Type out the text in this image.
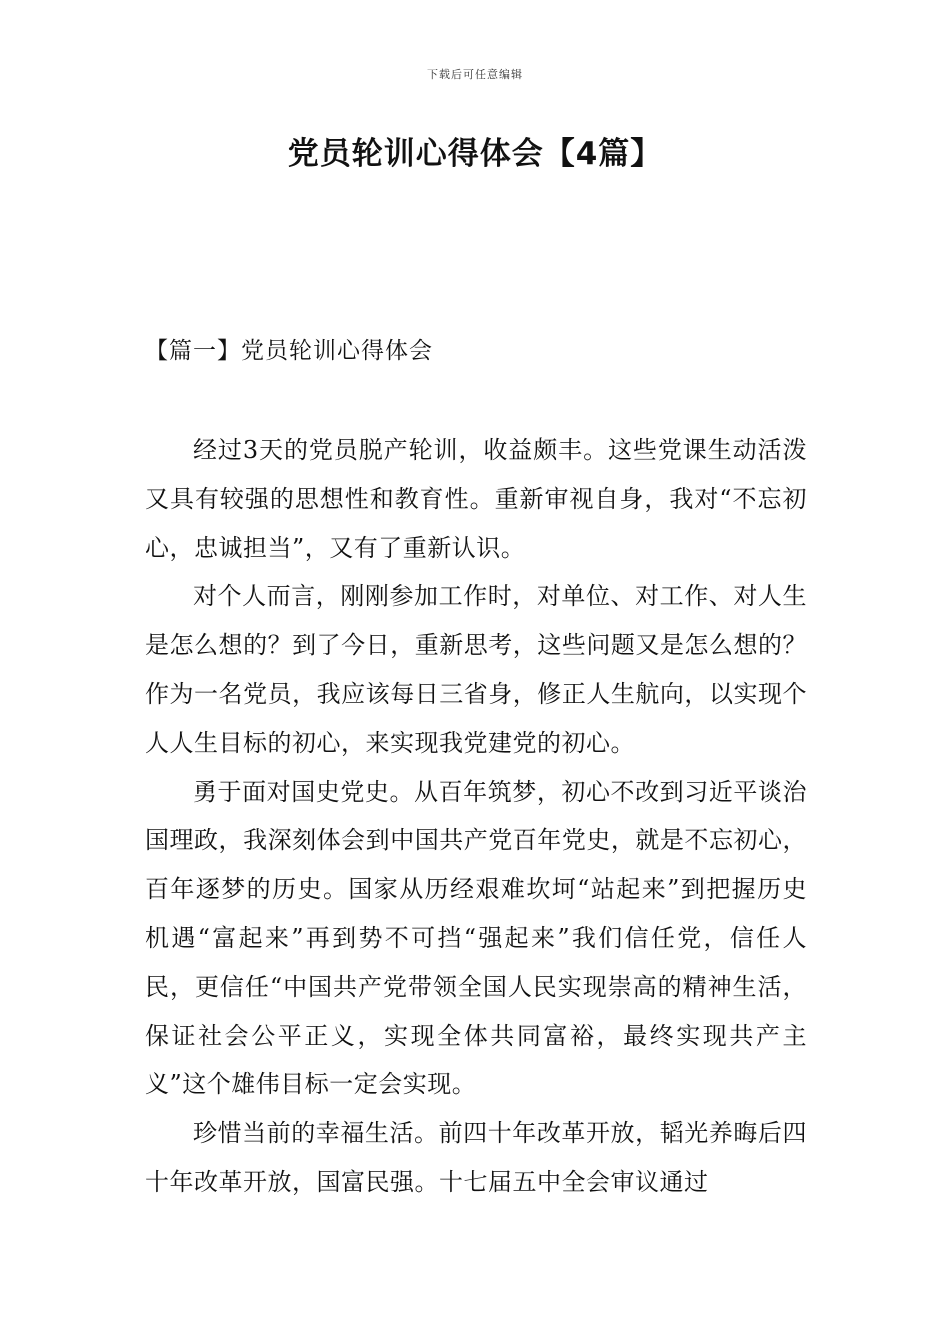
下载后可任意编辑
党员轮训心得体会【4篇】
【篇一】党员轮训心得体会

经过3天的党员脱产轮训，收益颇丰。这些党课生动活泼又具有较强的思想性和教育性。重新审视自身，我对“不忘初心，忠诚担当”，又有了重新认识。

对个人而言，刚刚参加工作时，对单位、对工作、对人生是怎么想的？到了今日，重新思考，这些问题又是怎么想的？作为一名党员，我应该每日三省身，修正人生航向，以实现个人人生目标的初心，来实现我党建党的初心。

勇于面对国史党史。从百年筑梦，初心不改到习近平谈治国理政，我深刻体会到中国共产党百年党史，就是不忘初心，百年逐梦的历史。国家从历经艰难坎坷“站起来”到把握历史机遇“富起来”再到势不可挡“强起来”我们信任党，信任人民，更信任“中国共产党带领全国人民实现崇高的精神生活，保证社会公平正义，实现全体共同富裕，最终实现共产主义”这个雄伟目标一定会实现。

珍惜当前的幸福生活。前四十年改革开放，韬光养晦后四十年改革开放，国富民强。十七届五中全会审议通过
